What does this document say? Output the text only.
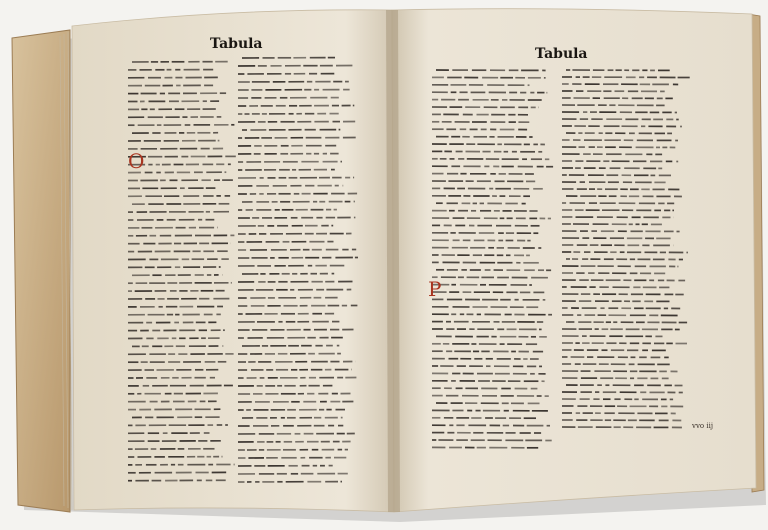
Tabula
Tabula
O
P
vvo iij
